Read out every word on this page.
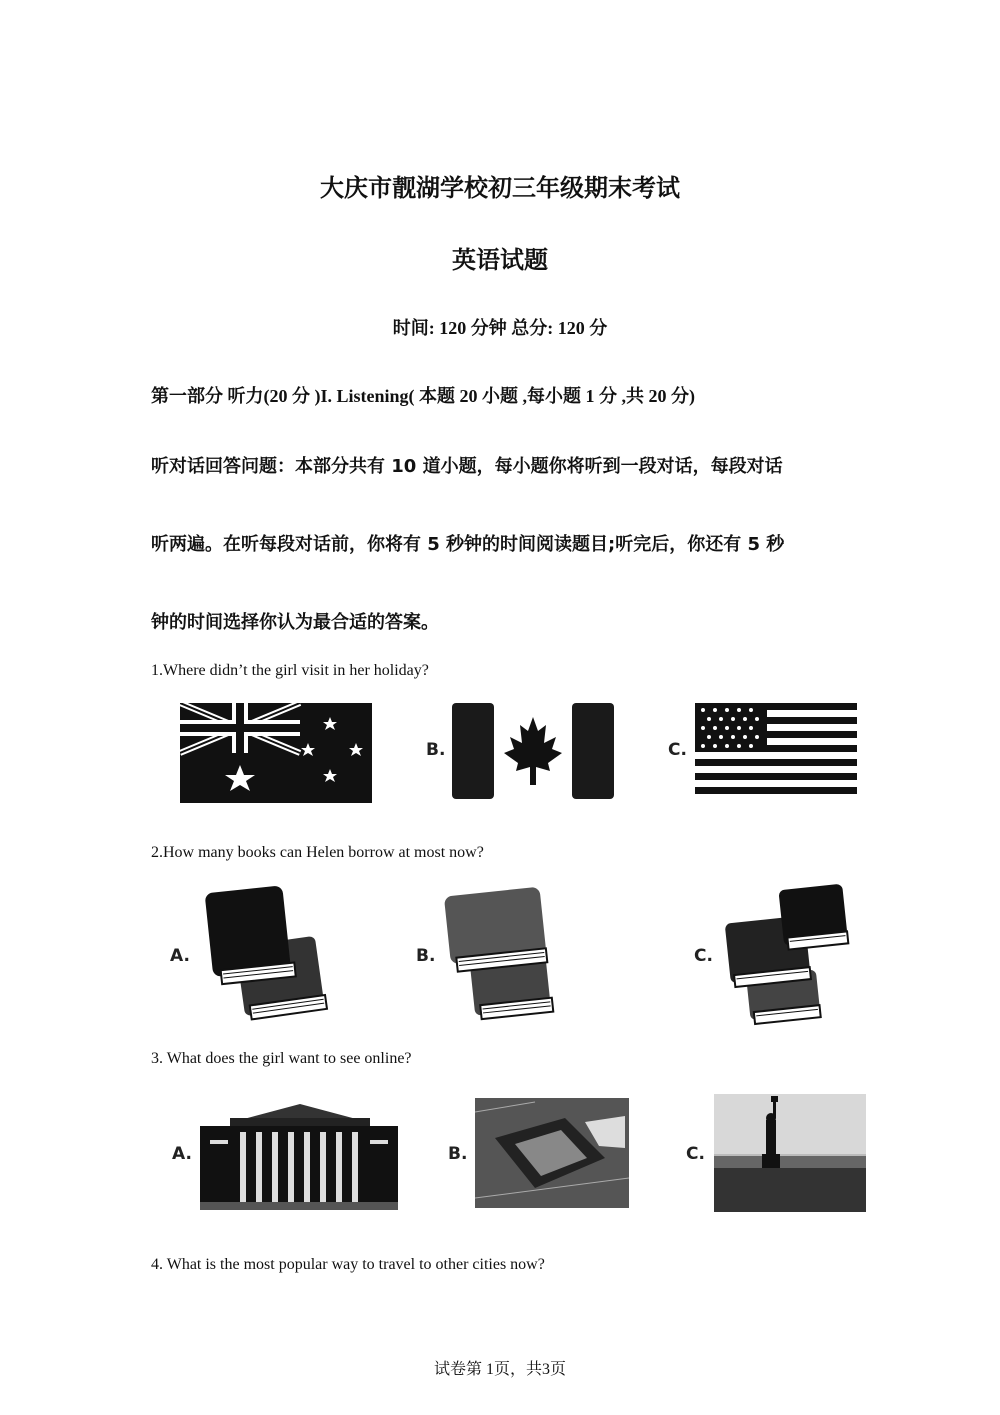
大庆市靓湖学校初三年级期末考试
英语试题
时间: 120 分钟 总分: 120 分
第一部分 听力(20 分 )I. Listening( 本题 20 小题 ,每小题 1 分 ,共 20 分)
听对话回答问题：本部分共有 10 道小题，每小题你将听到一段对话，每段对话
听两遍。在听每段对话前，你将有 5 秒钟的时间阅读题目;听完后，你还有 5 秒
钟的时间选择你认为最合适的答案。
1.Where didn’t the girl visit in her holiday?
B.	C.
2.How many books can Helen borrow at most now?
A.	B.	C.
3. What does the girl want to see online?
A.	B.	C.
4. What is the most popular way to travel to other cities now?
试卷第 1页，共3页
